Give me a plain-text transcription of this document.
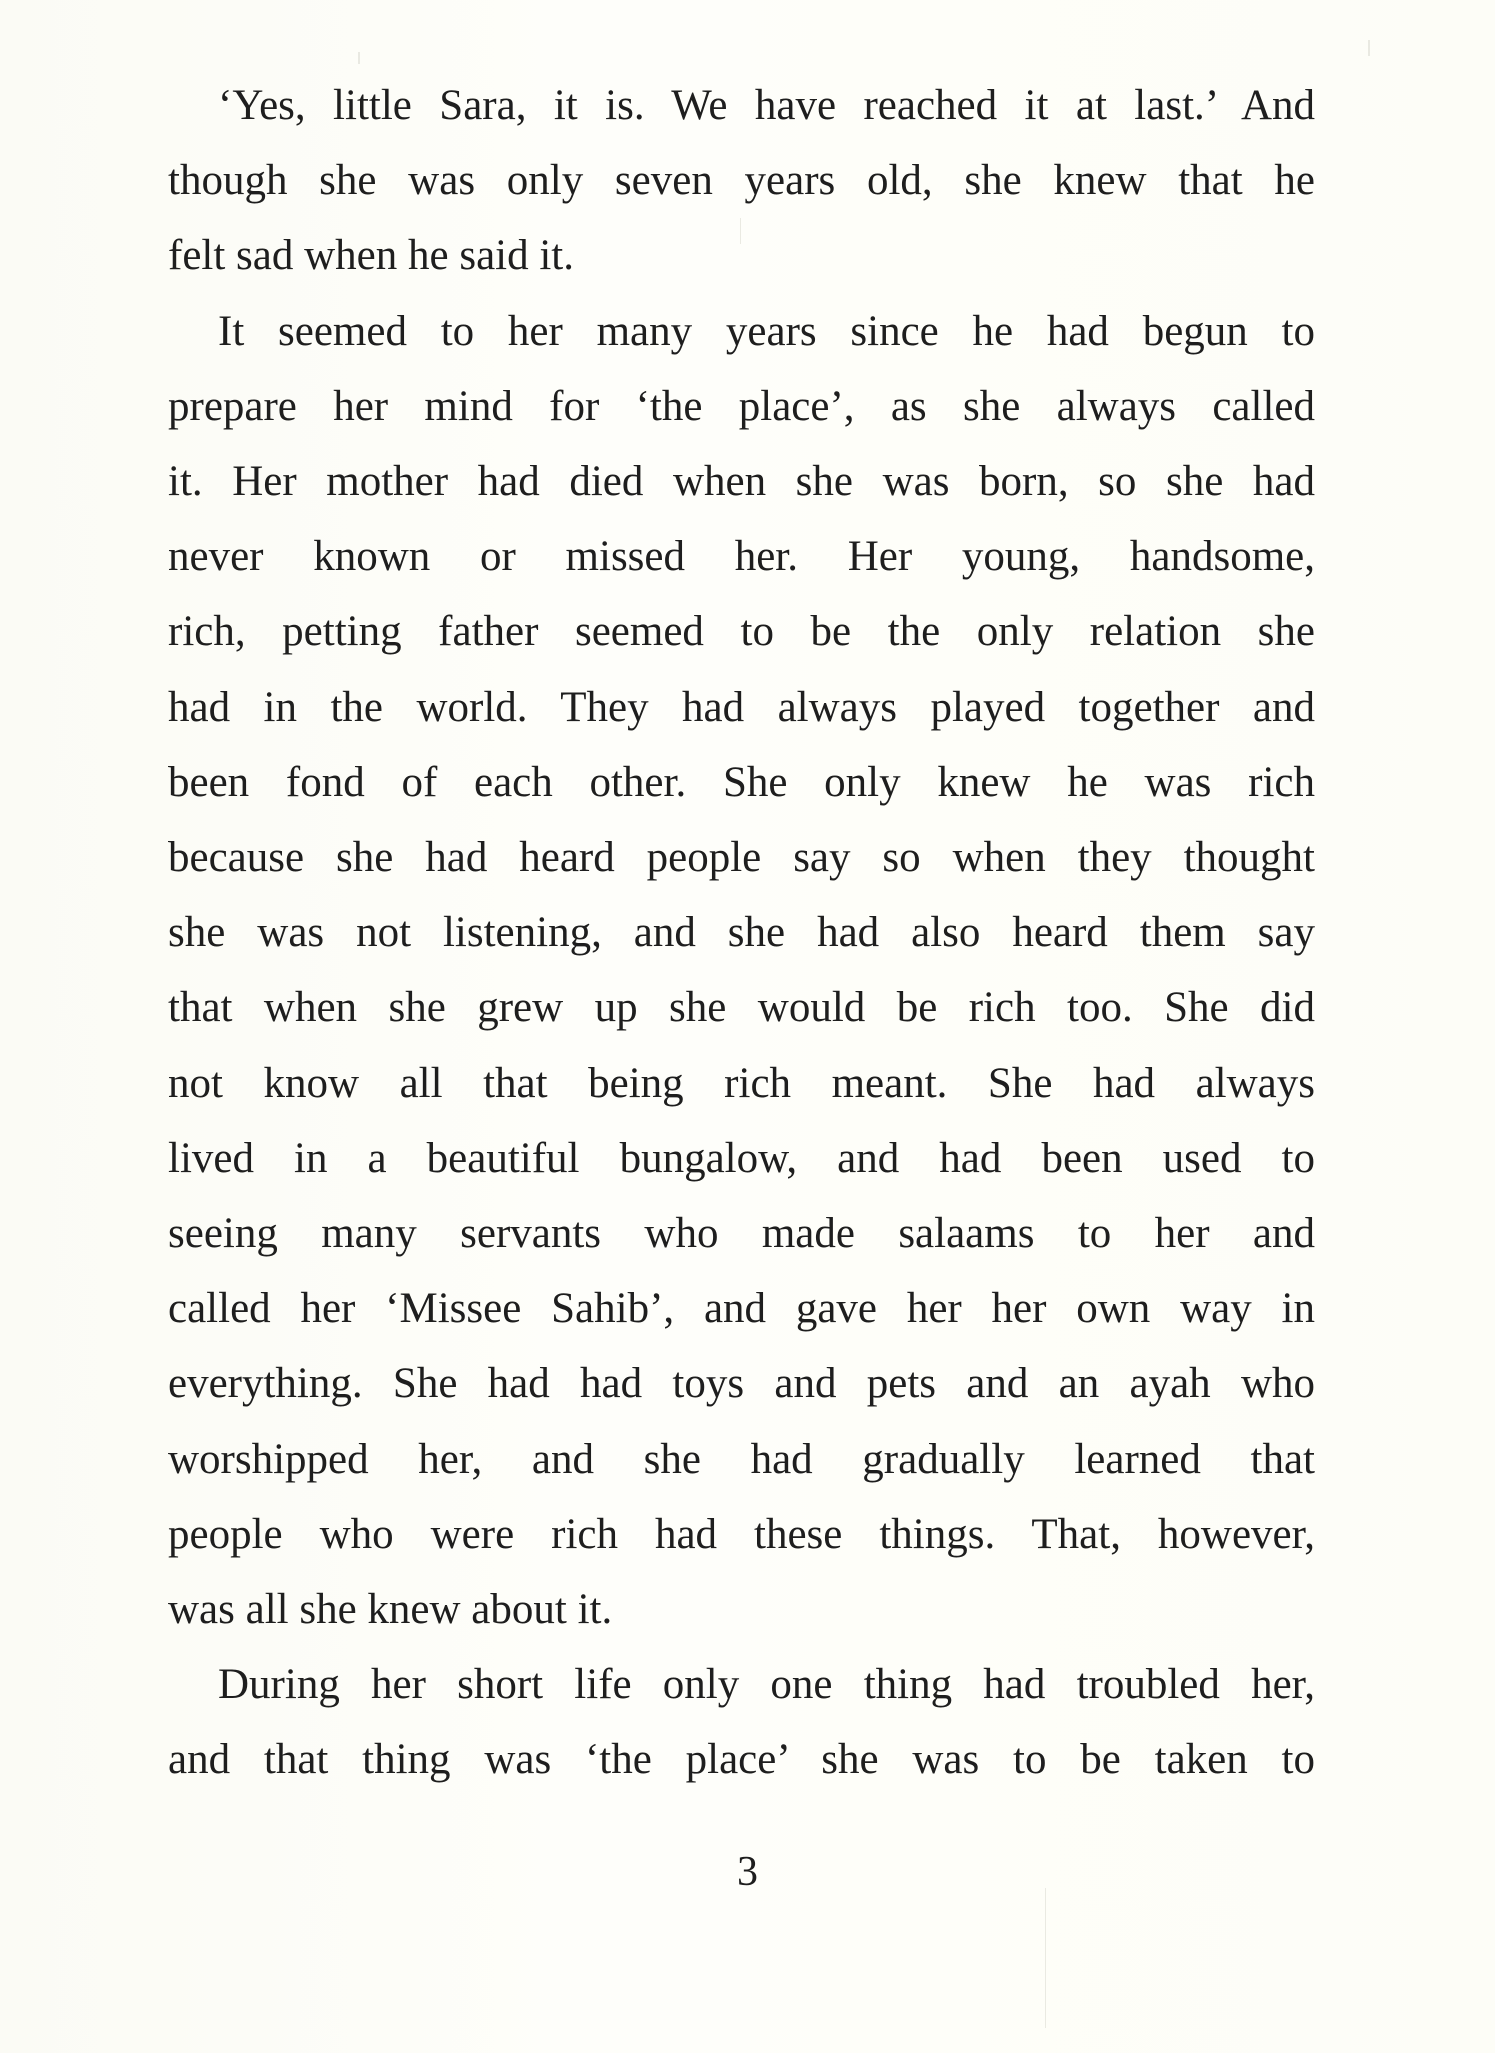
‘Yes, little Sara, it is. We have reached it at last.’ And
though she was only seven years old, she knew that he
felt sad when he said it.

It seemed to her many years since he had begun to
prepare her mind for ‘the place’, as she always called
it. Her mother had died when she was born, so she had
never known or missed her. Her young, handsome,
rich, petting father seemed to be the only relation she
had in the world. They had always played together and
been fond of each other. She only knew he was rich
because she had heard people say so when they thought
she was not listening, and she had also heard them say
that when she grew up she would be rich too. She did
not know all that being rich meant. She had always
lived in a beautiful bungalow, and had been used to
seeing many servants who made salaams to her and
called her ‘Missee Sahib’, and gave her her own way in
everything. She had had toys and pets and an ayah who
worshipped her, and she had gradually learned that
people who were rich had these things. That, however,
was all she knew about it.

During her short life only one thing had troubled her,
and that thing was ‘the place’ she was to be taken to

3
